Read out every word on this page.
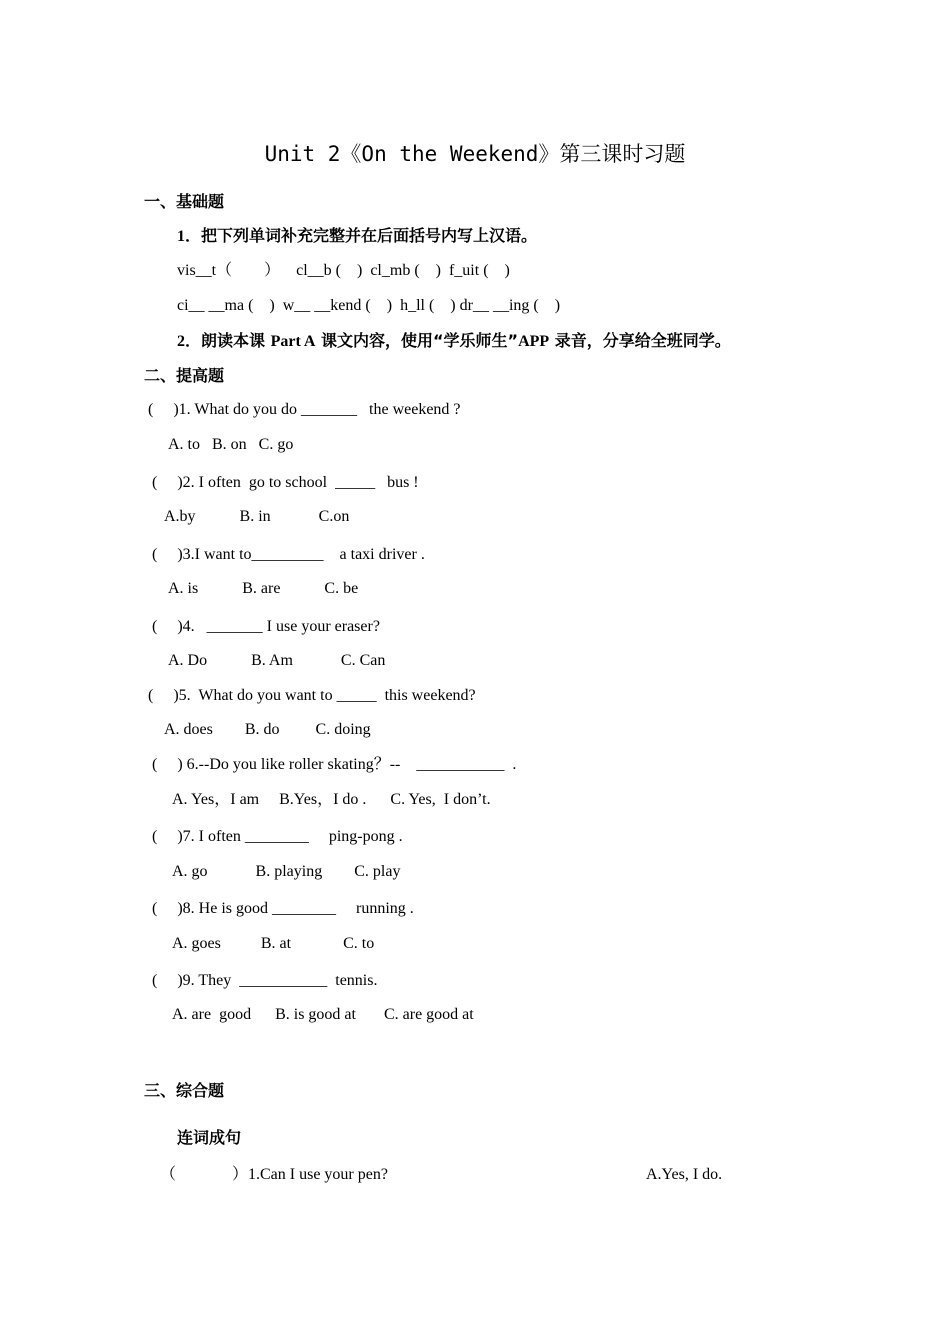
Unit 2《On the Weekend》第三课时习题
一、基础题
1．把下列单词补充完整并在后面括号内写上汉语。
vis__t（        ）    cl__b (    )  cl_mb (    )  f_uit (    )
ci__ __ma (    )  w__ __kend (    )  h_ll (    ) dr__ __ing (    )
2．朗读本课 Part A 课文内容，使用“学乐师生”APP 录音，分享给全班同学。
二、提高题
(     )1. What do you do _______   the weekend ?
A. to   B. on   C. go
(     )2. I often  go to school  _____   bus !
A.by           B. in            C.on
(     )3.I want to_________    a taxi driver .
A. is           B. are           C. be
(     )4.   _______ I use your eraser?
A. Do           B. Am            C. Can
(     )5.  What do you want to _____  this weekend?
A. does        B. do         C. doing
(     ) 6.--Do you like roller skating？--    ___________  .
A. Yes，I am     B.Yes，I do .      C. Yes,  I don’t.
(     )7. I often ________     ping-pong .
A. go            B. playing        C. play
(     )8. He is good ________     running .
A. goes          B. at             C. to
(     )9. They  ___________  tennis.
A. are  good      B. is good at       C. are good at
三、综合题
连词成句
（              ） 1.Can I use your pen?	A.Yes, I do.
